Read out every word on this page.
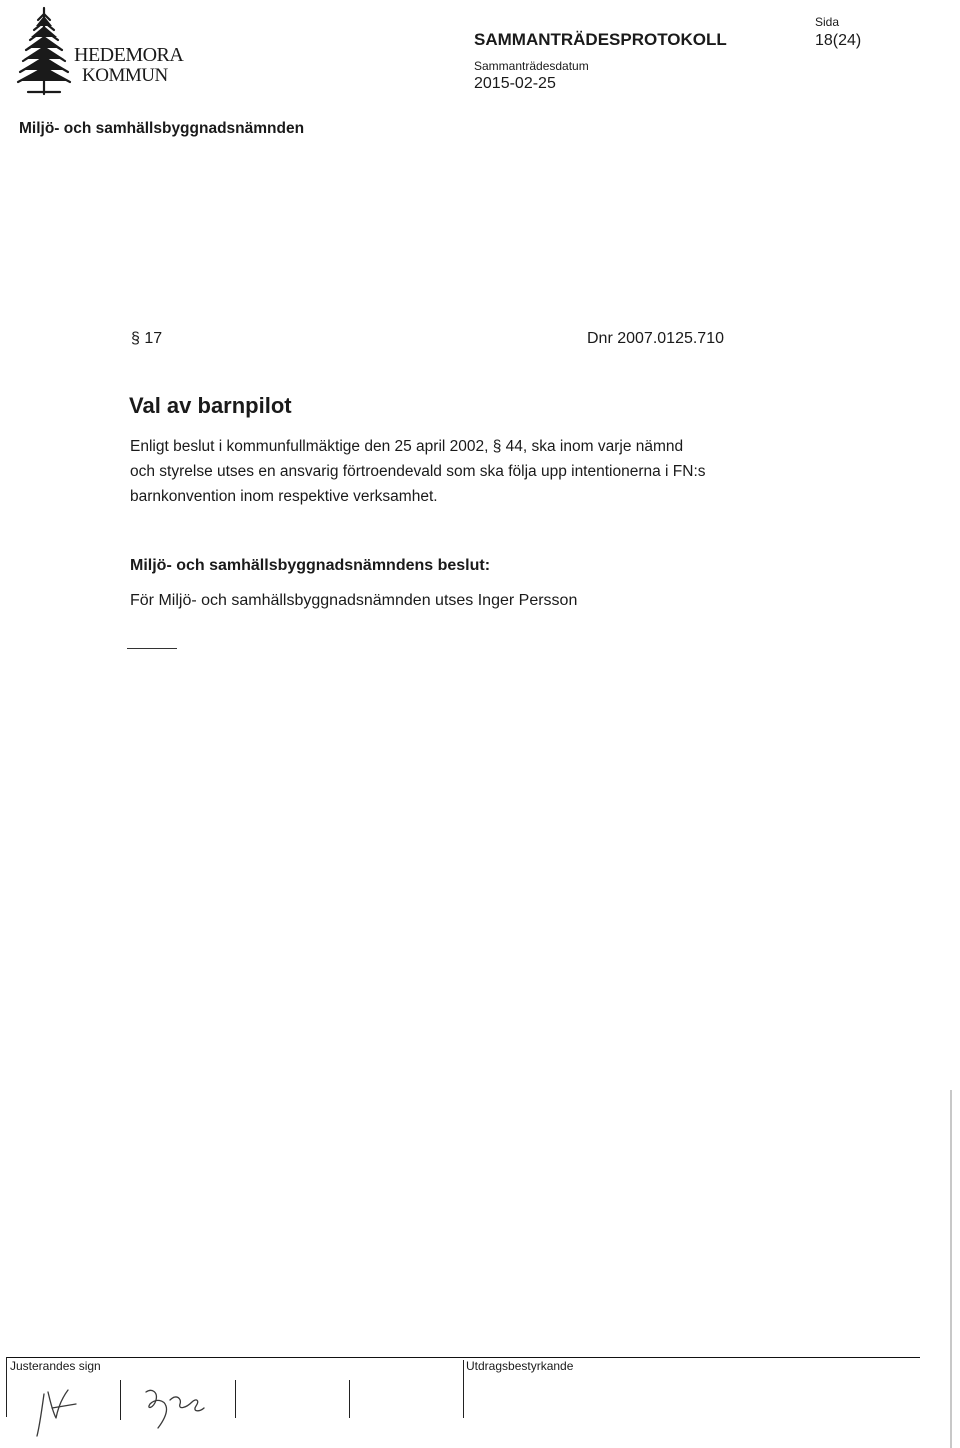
HEDEMORA
KOMMUN
SAMMANTRÄDESPROTOKOLL
Sammanträdesdatum
2015-02-25
Sida
18(24)
Miljö- och samhällsbyggnadsnämnden
§ 17	Dnr 2007.0125.710
Val av barnpilot

Enligt beslut i kommunfullmäktige den 25 april 2002, § 44, ska inom varje nämnd
och styrelse utses en ansvarig förtroendevald som ska följa upp intentionerna i FN:s
barnkonvention inom respektive verksamhet.

Miljö- och samhällsbyggnadsnämndens beslut:
För Miljö- och samhällsbyggnadsnämnden utses Inger Persson
Justerandes sign	Utdragsbestyrkande
